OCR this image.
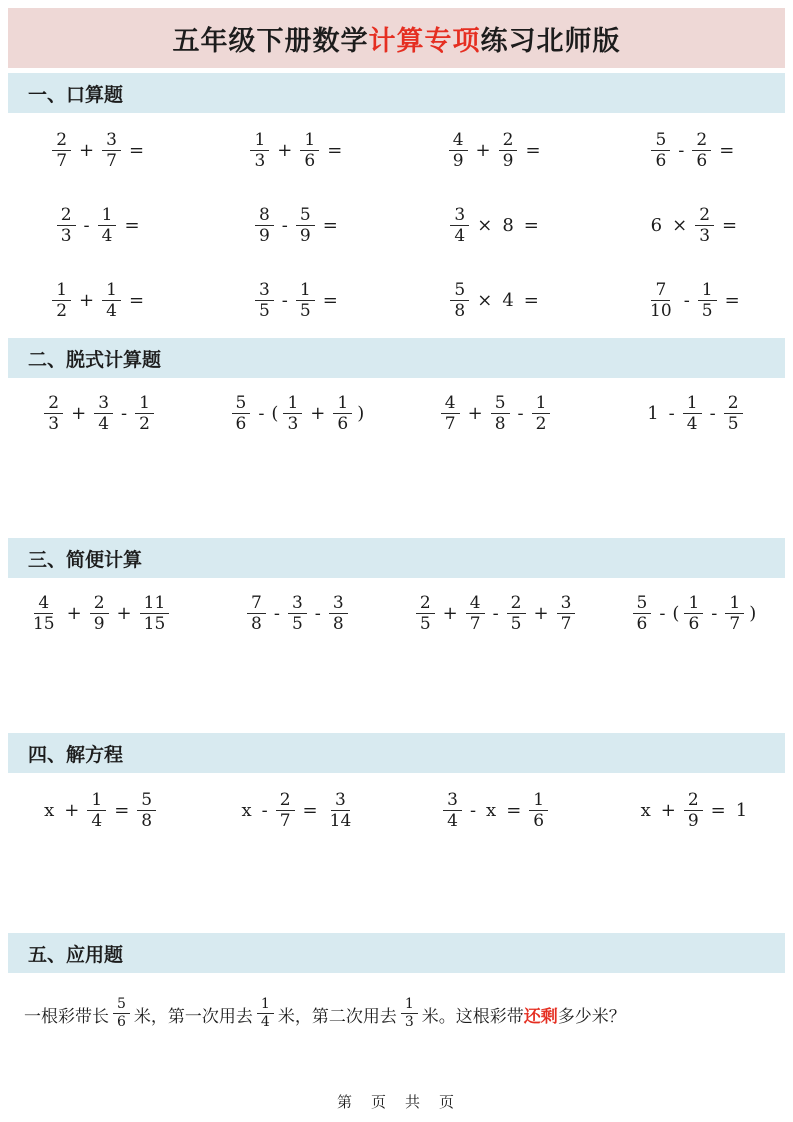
五年级下册数学 计算专项 练习北师版
一、口算题
$\frac{2}{7} + \frac{3}{7}$ =	$\frac{1}{3} + \frac{1}{6}$ =	$\frac{4}{9} + \frac{2}{9}$ =	$\frac{5}{6} - \frac{2}{6}$ =
$\frac{2}{3} - \frac{1}{4}$ =	$\frac{8}{9} - \frac{5}{9}$ =	$\frac{3}{4} \times 8$ =	$6 \times \frac{2}{3}$ =
$\frac{1}{2} + \frac{1}{4}$ =	$\frac{3}{5} - \frac{1}{5}$ =	$\frac{5}{8} \times 4$ =	$\frac{7}{10} - \frac{1}{5}$ =
二、脱式计算题
$\frac{2}{3} + \frac{3}{4} - \frac{1}{2}$	$\frac{5}{6}$ - ( $\frac{1}{3} + \frac{1}{6}$ )	$\frac{4}{7} + \frac{5}{8} - \frac{1}{2}$	$1 - \frac{1}{4} - \frac{2}{5}$
三、简便计算
$\frac{4}{15} + \frac{2}{9} + \frac{11}{15}$	$\frac{7}{8} - \frac{3}{5} - \frac{3}{8}$	$\frac{2}{5} + \frac{4}{7} - \frac{2}{5} + \frac{3}{7}$	$\frac{5}{6}$ - ( $\frac{1}{6} - \frac{1}{7}$ )
四、解方程
$x + \frac{1}{4} = \frac{5}{8}$	$x - \frac{2}{7} = \frac{3}{14}$	$\frac{3}{4} - x = \frac{1}{6}$	$x + \frac{2}{9} = 1$
五、应用题
一根彩带长 $\frac{5}{6}$ 米，第一次用去 $\frac{1}{4}$ 米，第二次用去 $\frac{1}{3}$ 米。这根彩带 还剩 多少米？
第　页　共　页
